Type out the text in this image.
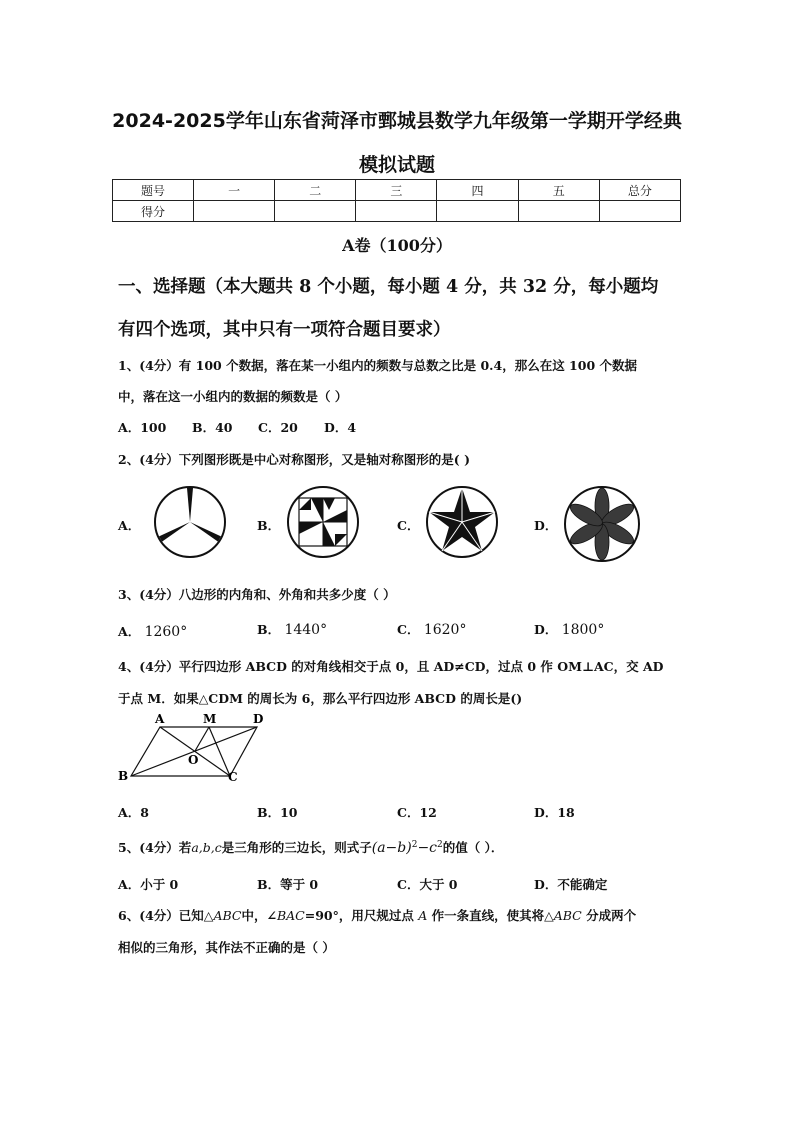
2024-2025学年山东省菏泽市鄄城县数学九年级第一学期开学经典
模拟试题
题号	一	二	三	四	五	总分
得分						
A卷（100分）
一、选择题（本大题共 8 个小题，每小题 4 分，共 32 分，每小题均
有四个选项，其中只有一项符合题目要求）
1、(4分）有 100 个数据，落在某一小组内的频数与总数之比是 0.4，那么在这 100 个数据
中，落在这一小组内的数据的频数是（ ）
A．100 B．40 C．20 D．4
2、(4分）下列图形既是中心对称图形，又是轴对称图形的是( )
A．	B．	C．	D．
3、(4分）八边形的内角和、外角和共多少度（ ）
A． 1260°	B． 1440°	C． 1620°	D． 1800°
4、(4分）平行四边形 ABCD 的对角线相交于点 0，且 AD≠CD，过点 0 作 OM⊥AC，交 AD
于点 M．如果△CDM 的周长为 6，那么平行四边形 ABCD 的周长是()
A	M	D
B	C
O
A．8	B．10	C．12	D．18
5、(4分）若a,b,c是三角形的三边长，则式子$(a-b)^2-c^2$的值（ ）．
A．小于 0	B．等于 0	C．大于 0	D．不能确定
6、(4分）已知△ABC中，∠BAC=90°，用尺规过点 A 作一条直线，使其将△ABC 分成两个
相似的三角形，其作法不正确的是（ ）
